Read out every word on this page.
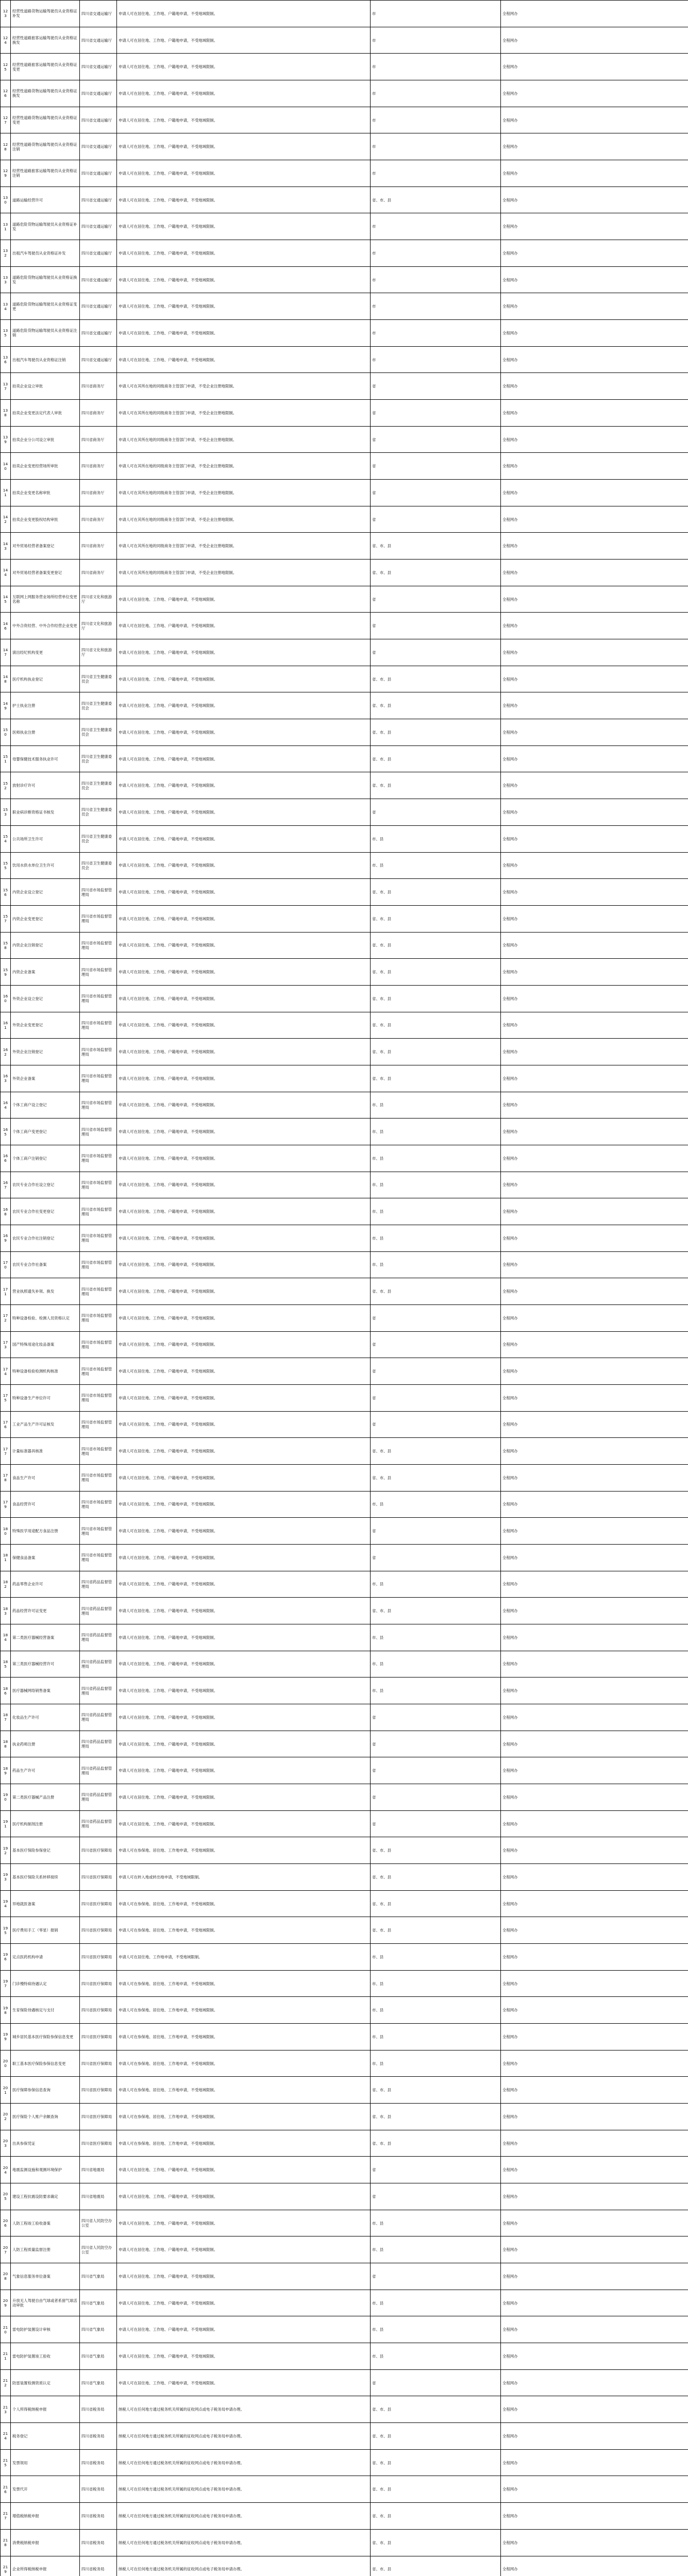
123	经营性道路货物运输驾驶员从业资格证补发	四川省交通运输厅	申请人可在居住地、工作地、户籍地申请，不受地域限制。	市	全程网办
124	经营性道路旅客运输驾驶员从业资格证换发	四川省交通运输厅	申请人可在居住地、工作地、户籍地申请，不受地域限制。	市	全程网办
125	经营性道路旅客运输驾驶员从业资格证变更	四川省交通运输厅	申请人可在居住地、工作地、户籍地申请，不受地域限制。	市	全程网办
126	经营性道路货物运输驾驶员从业资格证换发	四川省交通运输厅	申请人可在居住地、工作地、户籍地申请，不受地域限制。	市	全程网办
127	经营性道路货物运输驾驶员从业资格证变更	四川省交通运输厅	申请人可在居住地、工作地、户籍地申请，不受地域限制。	市	全程网办
128	经营性道路货物运输驾驶员从业资格证注销	四川省交通运输厅	申请人可在居住地、工作地、户籍地申请，不受地域限制。	市	全程网办
129	经营性道路旅客运输驾驶员从业资格证注销	四川省交通运输厅	申请人可在居住地、工作地、户籍地申请，不受地域限制。	市	全程网办
130	道路运输经营许可	四川省交通运输厅	申请人可在居住地、工作地、户籍地申请，不受地域限制。	省、市、县	全程网办
131	道路危险货物运输驾驶员从业资格证补发	四川省交通运输厅	申请人可在居住地、工作地、户籍地申请，不受地域限制。	市	全程网办
132	出租汽车驾驶员从业资格证补发	四川省交通运输厅	申请人可在居住地、工作地、户籍地申请，不受地域限制。	市	全程网办
133	道路危险货物运输驾驶员从业资格证换发	四川省交通运输厅	申请人可在居住地、工作地、户籍地申请，不受地域限制。	市	全程网办
134	道路危险货物运输驾驶员从业资格证变更	四川省交通运输厅	申请人可在居住地、工作地、户籍地申请，不受地域限制。	市	全程网办
135	道路危险货物运输驾驶员从业资格证注销	四川省交通运输厅	申请人可在居住地、工作地、户籍地申请，不受地域限制。	市	全程网办
136	出租汽车驾驶员从业资格证注销	四川省交通运输厅	申请人可在居住地、工作地、户籍地申请，不受地域限制。	市	全程网办
137	拍卖企业设立审批	四川省商务厅	申请人可在其所在地的同级商务主管部门申请，不受企业注册地限制。	省	全程网办
138	拍卖企业变更法定代表人审批	四川省商务厅	申请人可在其所在地的同级商务主管部门申请，不受企业注册地限制。	省	全程网办
139	拍卖企业分公司设立审批	四川省商务厅	申请人可在其所在地的同级商务主管部门申请，不受企业注册地限制。	省	全程网办
140	拍卖企业变更经营场所审批	四川省商务厅	申请人可在其所在地的同级商务主管部门申请，不受企业注册地限制。	省	全程网办
141	拍卖企业变更名称审批	四川省商务厅	申请人可在其所在地的同级商务主管部门申请，不受企业注册地限制。	省	全程网办
142	拍卖企业变更股权结构审批	四川省商务厅	申请人可在其所在地的同级商务主管部门申请，不受企业注册地限制。	省	全程网办
143	对外贸易经营者备案登记	四川省商务厅	申请人可在其所在地的同级商务主管部门申请，不受企业注册地限制。	省、市、县	全程网办
144	对外贸易经营者备案变更登记	四川省商务厅	申请人可在其所在地的同级商务主管部门申请，不受企业注册地限制。	省、市、县	全程网办
145	互联网上网服务营业场所经营单位变更名称	四川省文化和旅游厅	申请人可在居住地、工作地、户籍地申请，不受地域限制。	省	全程网办
146	中外合资经营、中外合作经营企业变更	四川省文化和旅游厅	申请人可在居住地、工作地、户籍地申请，不受地域限制。	省	全程网办
147	演出经纪机构变更	四川省文化和旅游厅	申请人可在居住地、工作地、户籍地申请，不受地域限制。	省	全程网办
148	医疗机构执业登记	四川省卫生健康委员会	申请人可在居住地、工作地、户籍地申请，不受地域限制。	省、市、县	全程网办
149	护士执业注册	四川省卫生健康委员会	申请人可在居住地、工作地、户籍地申请，不受地域限制。	省、市、县	全程网办
150	医师执业注册	四川省卫生健康委员会	申请人可在居住地、工作地、户籍地申请，不受地域限制。	省、市、县	全程网办
151	母婴保健技术服务执业许可	四川省卫生健康委员会	申请人可在居住地、工作地、户籍地申请，不受地域限制。	省、市、县	全程网办
152	放射诊疗许可	四川省卫生健康委员会	申请人可在居住地、工作地、户籍地申请，不受地域限制。	省、市、县	全程网办
153	职业病诊断资格证书核发	四川省卫生健康委员会	申请人可在居住地、工作地、户籍地申请，不受地域限制。	省	全程网办
154	公共场所卫生许可	四川省卫生健康委员会	申请人可在居住地、工作地、户籍地申请，不受地域限制。	市、县	全程网办
155	饮用水供水单位卫生许可	四川省卫生健康委员会	申请人可在居住地、工作地、户籍地申请，不受地域限制。	市、县	全程网办
156	内资企业设立登记	四川省市场监督管理局	申请人可在居住地、工作地、户籍地申请，不受地域限制。	省、市、县	全程网办
157	内资企业变更登记	四川省市场监督管理局	申请人可在居住地、工作地、户籍地申请，不受地域限制。	省、市、县	全程网办
158	内资企业注销登记	四川省市场监督管理局	申请人可在居住地、工作地、户籍地申请，不受地域限制。	省、市、县	全程网办
159	内资企业备案	四川省市场监督管理局	申请人可在居住地、工作地、户籍地申请，不受地域限制。	省、市、县	全程网办
160	外资企业设立登记	四川省市场监督管理局	申请人可在居住地、工作地、户籍地申请，不受地域限制。	省、市、县	全程网办
161	外资企业变更登记	四川省市场监督管理局	申请人可在居住地、工作地、户籍地申请，不受地域限制。	省、市、县	全程网办
162	外资企业注销登记	四川省市场监督管理局	申请人可在居住地、工作地、户籍地申请，不受地域限制。	省、市、县	全程网办
163	外资企业备案	四川省市场监督管理局	申请人可在居住地、工作地、户籍地申请，不受地域限制。	省、市、县	全程网办
164	个体工商户设立登记	四川省市场监督管理局	申请人可在居住地、工作地、户籍地申请，不受地域限制。	市、县	全程网办
165	个体工商户变更登记	四川省市场监督管理局	申请人可在居住地、工作地、户籍地申请，不受地域限制。	市、县	全程网办
166	个体工商户注销登记	四川省市场监督管理局	申请人可在居住地、工作地、户籍地申请，不受地域限制。	市、县	全程网办
167	农民专业合作社设立登记	四川省市场监督管理局	申请人可在居住地、工作地、户籍地申请，不受地域限制。	市、县	全程网办
168	农民专业合作社变更登记	四川省市场监督管理局	申请人可在居住地、工作地、户籍地申请，不受地域限制。	市、县	全程网办
169	农民专业合作社注销登记	四川省市场监督管理局	申请人可在居住地、工作地、户籍地申请，不受地域限制。	市、县	全程网办
170	农民专业合作社备案	四川省市场监督管理局	申请人可在居住地、工作地、户籍地申请，不受地域限制。	市、县	全程网办
171	营业执照遗失补领、换发	四川省市场监督管理局	申请人可在居住地、工作地、户籍地申请，不受地域限制。	省、市、县	全程网办
172	特种设备检验、检测人员资格认定	四川省市场监督管理局	申请人可在居住地、工作地、户籍地申请，不受地域限制。	省	全程网办
173	国产特殊用途化妆品备案	四川省市场监督管理局	申请人可在居住地、工作地、户籍地申请，不受地域限制。	省	全程网办
174	特种设备检验检测机构核准	四川省市场监督管理局	申请人可在居住地、工作地、户籍地申请，不受地域限制。	省	全程网办
175	特种设备生产单位许可	四川省市场监督管理局	申请人可在居住地、工作地、户籍地申请，不受地域限制。	省	全程网办
176	工业产品生产许可证核发	四川省市场监督管理局	申请人可在居住地、工作地、户籍地申请，不受地域限制。	省	全程网办
177	计量标准器具核准	四川省市场监督管理局	申请人可在居住地、工作地、户籍地申请，不受地域限制。	省、市、县	全程网办
178	食品生产许可	四川省市场监督管理局	申请人可在居住地、工作地、户籍地申请，不受地域限制。	省、市、县	全程网办
179	食品经营许可	四川省市场监督管理局	申请人可在居住地、工作地、户籍地申请，不受地域限制。	市、县	全程网办
180	特殊医学用途配方食品注册	四川省市场监督管理局	申请人可在居住地、工作地、户籍地申请，不受地域限制。	省	全程网办
181	保健食品备案	四川省市场监督管理局	申请人可在居住地、工作地、户籍地申请，不受地域限制。	省	全程网办
182	药品零售企业许可	四川省药品监督管理局	申请人可在居住地、工作地、户籍地申请，不受地域限制。	市、县	全程网办
183	药品经营许可证变更	四川省药品监督管理局	申请人可在居住地、工作地、户籍地申请，不受地域限制。	省、市、县	全程网办
184	第二类医疗器械经营备案	四川省药品监督管理局	申请人可在居住地、工作地、户籍地申请，不受地域限制。	市、县	全程网办
185	第三类医疗器械经营许可	四川省药品监督管理局	申请人可在居住地、工作地、户籍地申请，不受地域限制。	市、县	全程网办
186	医疗器械网络销售备案	四川省药品监督管理局	申请人可在居住地、工作地、户籍地申请，不受地域限制。	市、县	全程网办
187	化妆品生产许可	四川省药品监督管理局	申请人可在居住地、工作地、户籍地申请，不受地域限制。	省	全程网办
188	执业药师注册	四川省药品监督管理局	申请人可在居住地、工作地、户籍地申请，不受地域限制。	省	全程网办
189	药品生产许可	四川省药品监督管理局	申请人可在居住地、工作地、户籍地申请，不受地域限制。	省	全程网办
190	第二类医疗器械产品注册	四川省药品监督管理局	申请人可在居住地、工作地、户籍地申请，不受地域限制。	省	全程网办
191	医疗机构制剂注册	四川省药品监督管理局	申请人可在居住地、工作地、户籍地申请，不受地域限制。	省	全程网办
192	基本医疗保险参保登记	四川省医疗保障局	申请人可在参保地、居住地、工作地申请，不受地域限制。	省、市、县	全程网办
193	基本医疗保险关系转移接续	四川省医疗保障局	申请人可在转入地或转出地申请，不受地域限制。	省、市、县	全程网办
194	异地就医备案	四川省医疗保障局	申请人可在参保地、居住地、工作地申请，不受地域限制。	省、市、县	全程网办
195	医疗费用手工（零星）报销	四川省医疗保障局	申请人可在参保地、居住地、工作地申请，不受地域限制。	省、市、县	全程网办
196	定点医药机构申请	四川省医疗保障局	申请人可在居住地、工作地申请，不受地域限制。	市、县	全程网办
197	门诊慢特病待遇认定	四川省医疗保障局	申请人可在参保地、居住地、工作地申请，不受地域限制。	市、县	全程网办
198	生育保险待遇核定与支付	四川省医疗保障局	申请人可在参保地、居住地、工作地申请，不受地域限制。	市、县	全程网办
199	城乡居民基本医疗保险参保信息变更	四川省医疗保障局	申请人可在参保地、居住地、工作地申请，不受地域限制。	市、县	全程网办
200	职工基本医疗保险参保信息变更	四川省医疗保障局	申请人可在参保地、居住地、工作地申请，不受地域限制。	市、县	全程网办
201	医疗保障参保信息查询	四川省医疗保障局	申请人可在参保地、居住地、工作地申请，不受地域限制。	省、市、县	全程网办
202	医疗保险个人账户余额查询	四川省医疗保障局	申请人可在参保地、居住地、工作地申请，不受地域限制。	省、市、县	全程网办
203	出具参保凭证	四川省医疗保障局	申请人可在参保地、居住地、工作地申请，不受地域限制。	省、市、县	全程网办
204	地震监测设施和观测环境保护	四川省地震局	申请人可在居住地、工作地、户籍地申请，不受地域限制。	省	全程网办
205	建设工程抗震设防要求确定	四川省地震局	申请人可在居住地、工作地、户籍地申请，不受地域限制。	省	全程网办
206	人防工程竣工验收备案	四川省人民防空办公室	申请人可在居住地、工作地、户籍地申请，不受地域限制。	市、县	全程网办
207	人防工程质量监督注册	四川省人民防空办公室	申请人可在居住地、工作地、户籍地申请，不受地域限制。	市、县	全程网办
208	气象信息服务单位备案	四川省气象局	申请人可在居住地、工作地、户籍地申请，不受地域限制。	省	全程网办
209	升放无人驾驶自由气球或者系留气球活动审批	四川省气象局	申请人可在居住地、工作地、户籍地申请，不受地域限制。	市、县	全程网办
210	雷电防护装置设计审核	四川省气象局	申请人可在居住地、工作地、户籍地申请，不受地域限制。	市、县	全程网办
211	雷电防护装置竣工验收	四川省气象局	申请人可在居住地、工作地、户籍地申请，不受地域限制。	市、县	全程网办
212	防雷装置检测资质认定	四川省气象局	申请人可在居住地、工作地、户籍地申请，不受地域限制。	省	全程网办
213	个人所得税纳税申报	四川省税务局	纳税人可在任何地方通过税务机关所属的征收网点或电子税务局申请办理。	省、市、县	全程网办
214	税务登记	四川省税务局	纳税人可在任何地方通过税务机关所属的征收网点或电子税务局申请办理。	省、市、县	全程网办
215	发票领用	四川省税务局	纳税人可在任何地方通过税务机关所属的征收网点或电子税务局申请办理。	省、市、县	全程网办
216	发票代开	四川省税务局	纳税人可在任何地方通过税务机关所属的征收网点或电子税务局申请办理。	省、市、县	全程网办
217	增值税纳税申报	四川省税务局	纳税人可在任何地方通过税务机关所属的征收网点或电子税务局申请办理。	省、市、县	全程网办
218	消费税纳税申报	四川省税务局	纳税人可在任何地方通过税务机关所属的征收网点或电子税务局申请办理。	省、市、县	全程网办
219	企业所得税纳税申报	四川省税务局	纳税人可在任何地方通过税务机关所属的征收网点或电子税务局申请办理。	省、市、县	全程网办
